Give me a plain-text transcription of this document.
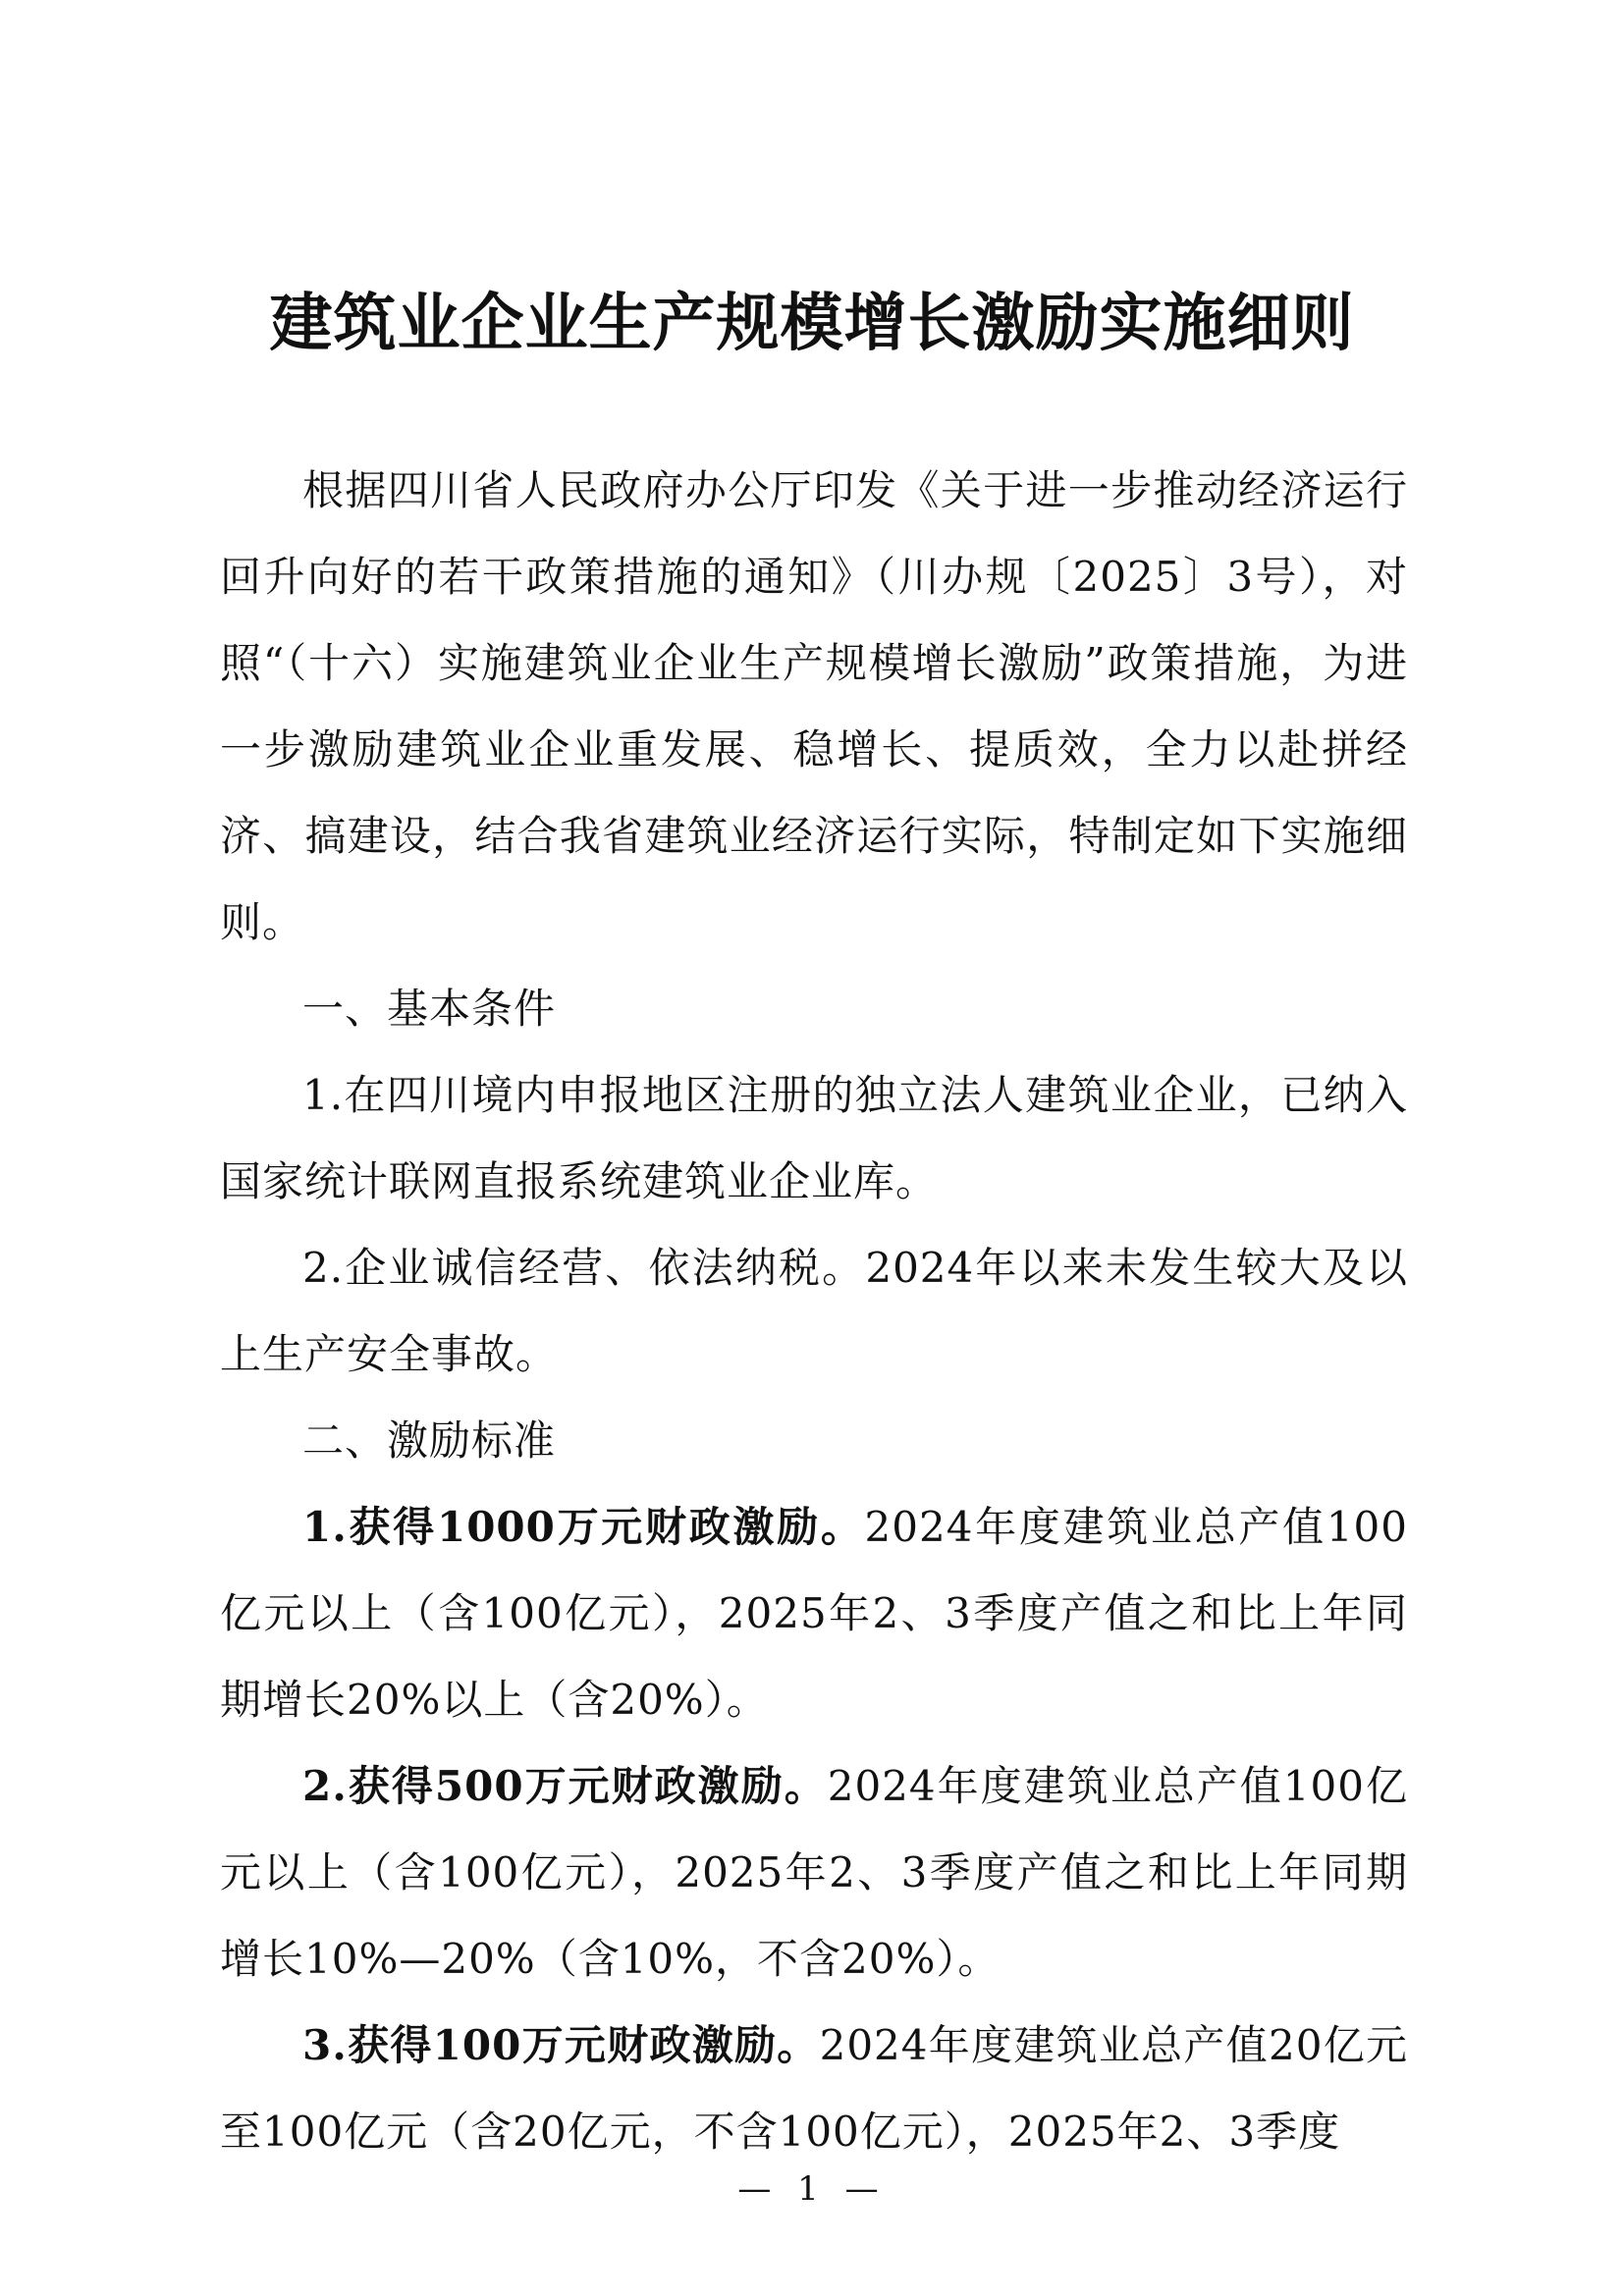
建筑业企业生产规模增长激励实施细则

根据四川省人民政府办公厅印发《关于进一步推动经济运行回升向好的若干政策措施的通知》（川办规〔2025〕3号），对照“（十六）实施建筑业企业生产规模增长激励”政策措施，为进一步激励建筑业企业重发展、稳增长、提质效，全力以赴拼经济、搞建设，结合我省建筑业经济运行实际，特制定如下实施细则。

一、基本条件

1.在四川境内申报地区注册的独立法人建筑业企业，已纳入国家统计联网直报系统建筑业企业库。

2.企业诚信经营、依法纳税。2024年以来未发生较大及以上生产安全事故。

二、激励标准

1.获得1000万元财政激励。2024年度建筑业总产值100亿元以上（含100亿元），2025年2、3季度产值之和比上年同期增长20%以上（含20%）。

2.获得500万元财政激励。2024年度建筑业总产值100亿元以上（含100亿元），2025年2、3季度产值之和比上年同期增长10%—20%（含10%，不含20%）。

3.获得100万元财政激励。2024年度建筑业总产值20亿元至100亿元（含20亿元，不含100亿元），2025年2、3季度

— 1 —
